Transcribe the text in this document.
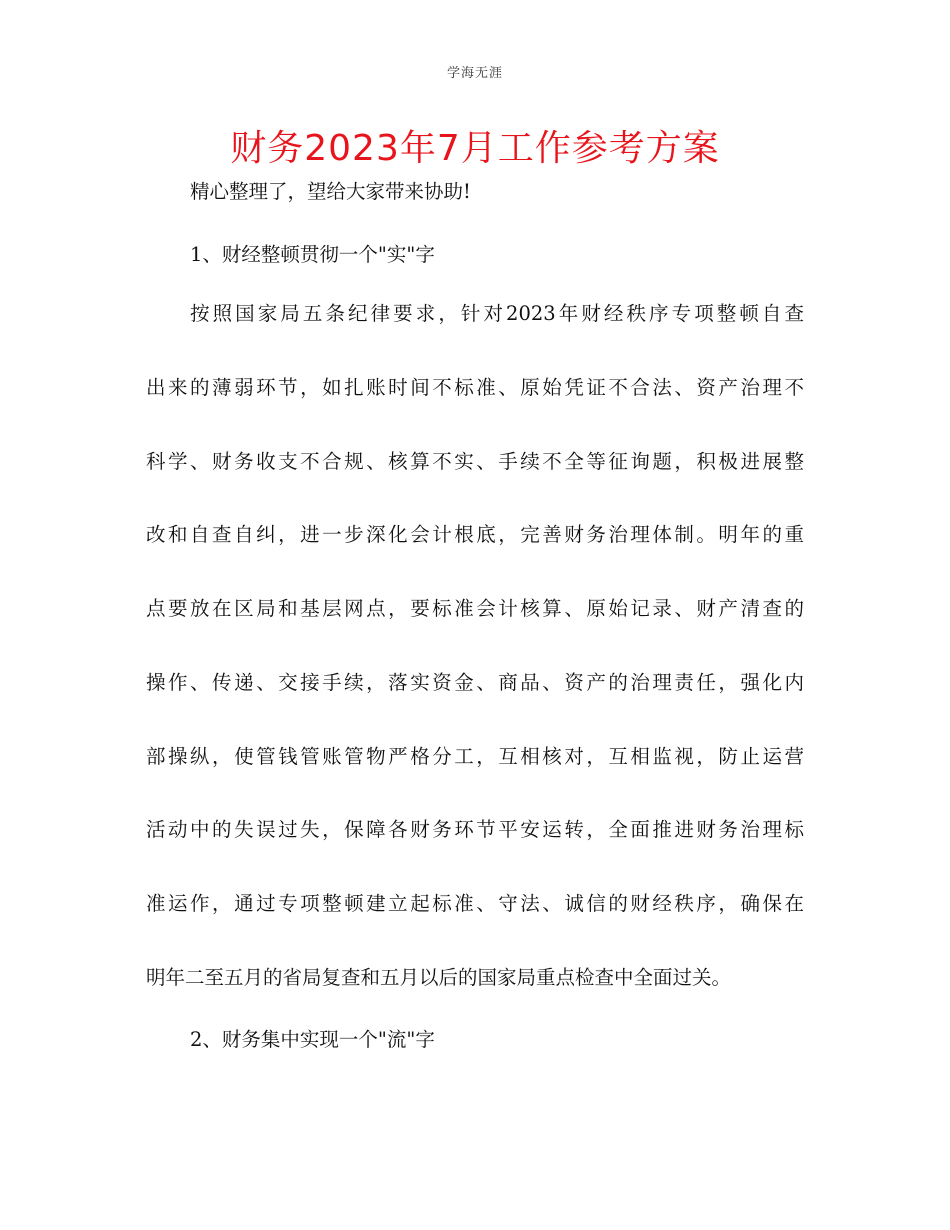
学海无涯
财务2023年7月工作参考方案
精心整理了，望给大家带来协助!
1、财经整顿贯彻一个"实"字
按照国家局五条纪律要求，针对2023年财经秩序专项整顿自查
出来的薄弱环节，如扎账时间不标准、原始凭证不合法、资产治理不
科学、财务收支不合规、核算不实、手续不全等征询题，积极进展整
改和自查自纠，进一步深化会计根底，完善财务治理体制。明年的重
点要放在区局和基层网点，要标准会计核算、原始记录、财产清查的
操作、传递、交接手续，落实资金、商品、资产的治理责任，强化内
部操纵，使管钱管账管物严格分工，互相核对，互相监视，防止运营
活动中的失误过失，保障各财务环节平安运转，全面推进财务治理标
准运作，通过专项整顿建立起标准、守法、诚信的财经秩序，确保在
明年二至五月的省局复查和五月以后的国家局重点检查中全面过关。
2、财务集中实现一个"流"字
